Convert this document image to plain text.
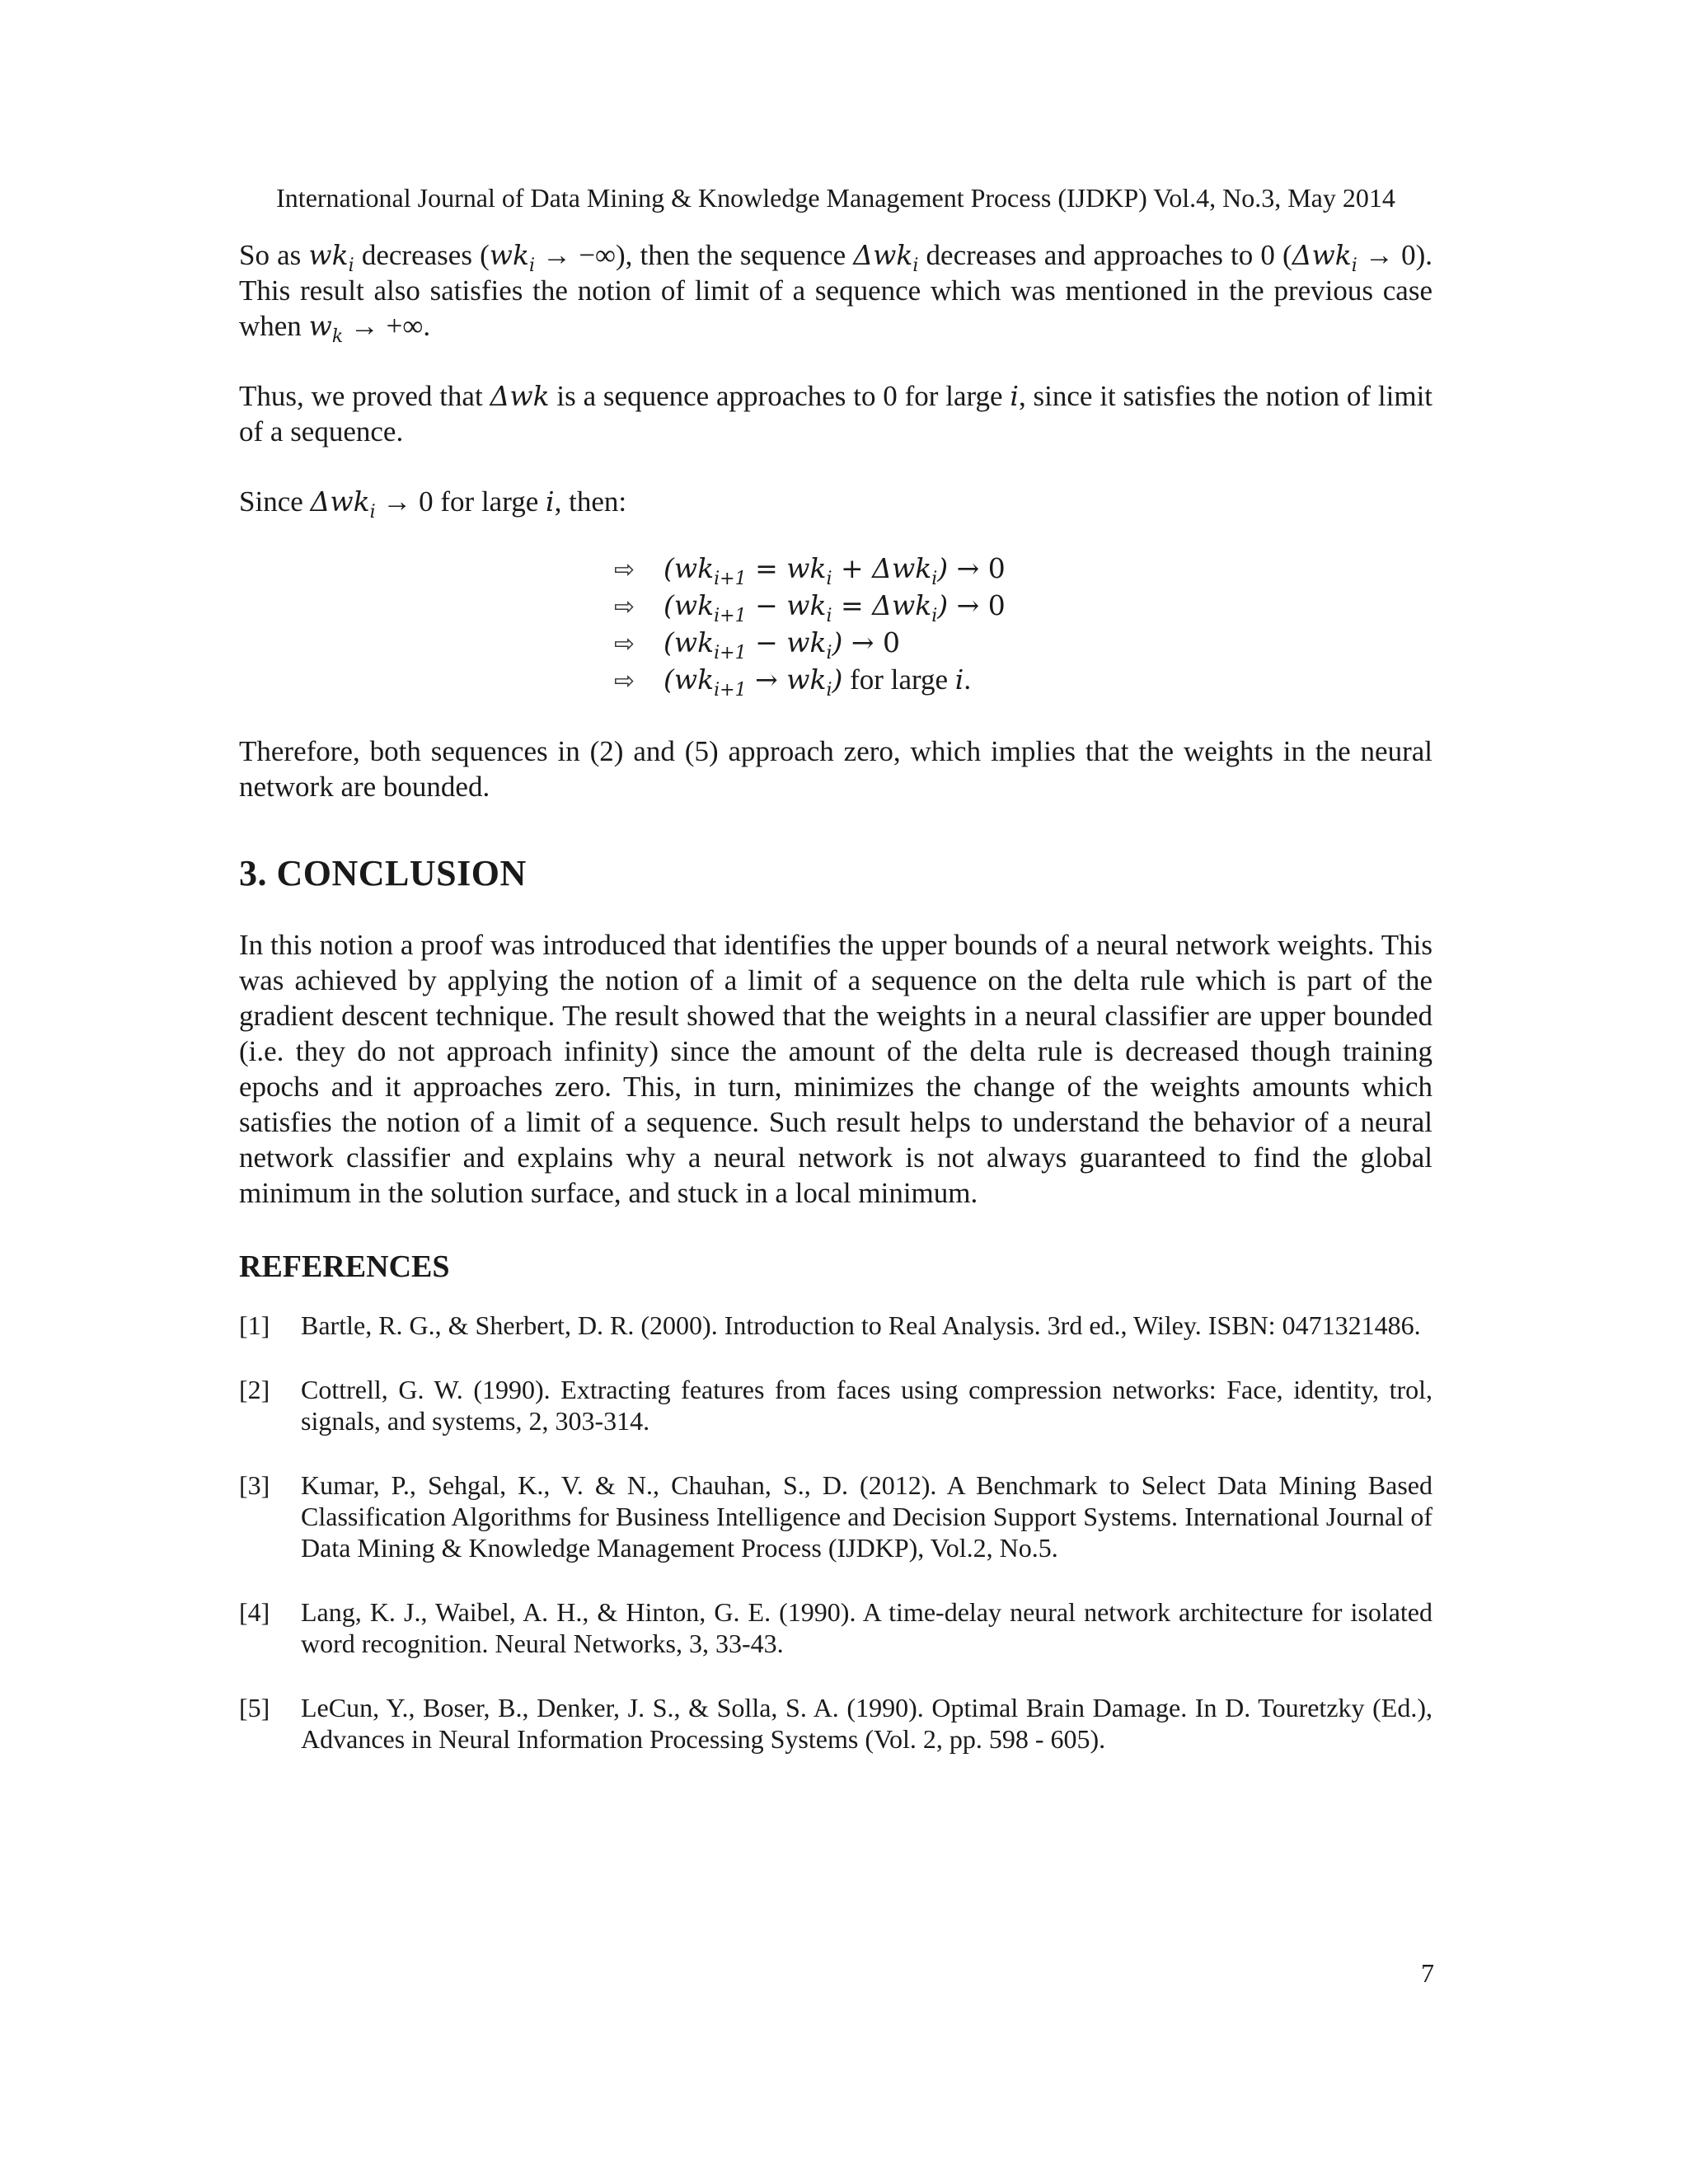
International Journal of Data Mining & Knowledge Management Process (IJDKP) Vol.4, No.3, May 2014

So as $wk_i$ decreases ($wk_i$ → −∞), then the sequence Δwk$_i$ decreases and approaches to 0 (Δwk$_i$ → 0). This result also satisfies the notion of limit of a sequence which was mentioned in the previous case when $w_k$ → +∞.

Thus, we proved that Δwk is a sequence approaches to 0 for large i, since it satisfies the notion of limit of a sequence.

Since Δwk$_i$ → 0 for large i, then:

⇨ $(wk_{i+1} = wk_i + \Delta wk_i) \to 0$
⇨ $(wk_{i+1} - wk_i = \Delta wk_i) \to 0$
⇨ $(wk_{i+1} - wk_i) \to 0$
⇨ $(wk_{i+1} \to wk_i)$ for large i.

Therefore, both sequences in (2) and (5) approach zero, which implies that the weights in the neural network are bounded.

3. CONCLUSION

In this notion a proof was introduced that identifies the upper bounds of a neural network weights. This was achieved by applying the notion of a limit of a sequence on the delta rule which is part of the gradient descent technique. The result showed that the weights in a neural classifier are upper bounded (i.e. they do not approach infinity) since the amount of the delta rule is decreased though training epochs and it approaches zero. This, in turn, minimizes the change of the weights amounts which satisfies the notion of a limit of a sequence. Such result helps to understand the behavior of a neural network classifier and explains why a neural network is not always guaranteed to find the global minimum in the solution surface, and stuck in a local minimum.

REFERENCES
[1]	Bartle, R. G., & Sherbert, D. R. (2000). Introduction to Real Analysis. 3rd ed., Wiley. ISBN: 0471321486.
[2]	Cottrell, G. W. (1990). Extracting features from faces using compression networks: Face, identity, trol, signals, and systems, 2, 303-314.
[3]	Kumar, P., Sehgal, K., V. & N., Chauhan, S., D. (2012). A Benchmark to Select Data Mining Based Classification Algorithms for Business Intelligence and Decision Support Systems. International Journal of Data Mining & Knowledge Management Process (IJDKP), Vol.2, No.5.
[4]	Lang, K. J., Waibel, A. H., & Hinton, G. E. (1990). A time-delay neural network architecture for isolated word recognition. Neural Networks, 3, 33-43.
[5]	LeCun, Y., Boser, B., Denker, J. S., & Solla, S. A. (1990). Optimal Brain Damage. In D. Touretzky (Ed.), Advances in Neural Information Processing Systems (Vol. 2, pp. 598 - 605).
7
